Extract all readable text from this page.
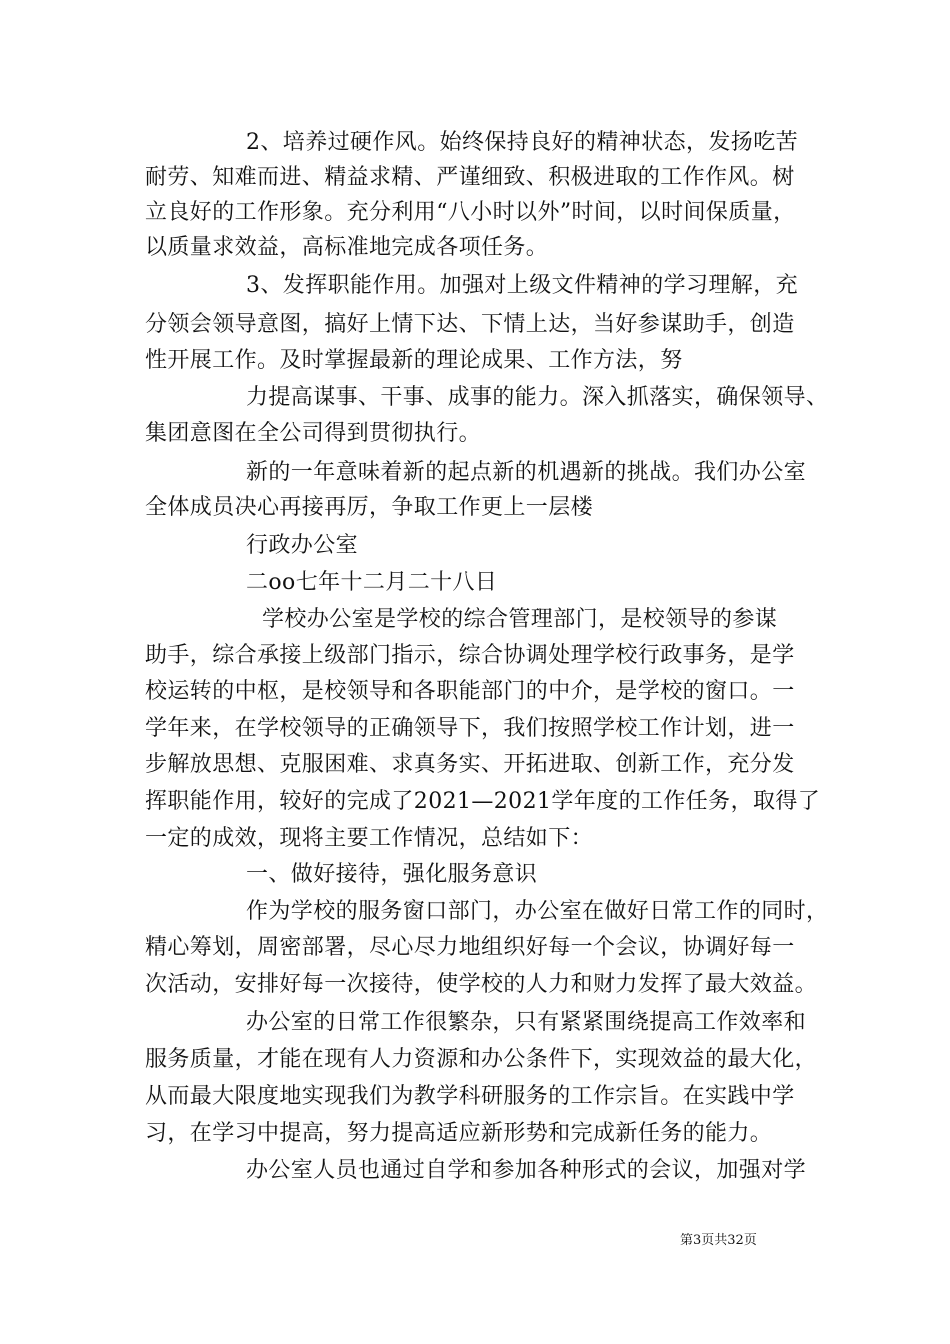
2、培养过硬作风。始终保持良好的精神状态，发扬吃苦
耐劳、知难而进、精益求精、严谨细致、积极进取的工作作风。树
立良好的工作形象。充分利用“八小时以外”时间，以时间保质量，
以质量求效益，高标准地完成各项任务。
3、发挥职能作用。加强对上级文件精神的学习理解，充
分领会领导意图，搞好上情下达、下情上达，当好参谋助手，创造
性开展工作。及时掌握最新的理论成果、工作方法，努
力提高谋事、干事、成事的能力。深入抓落实，确保领导、
集团意图在全公司得到贯彻执行。
新的一年意味着新的起点新的机遇新的挑战。我们办公室
全体成员决心再接再厉，争取工作更上一层楼
行政办公室
二oo七年十二月二十八日
学校办公室是学校的综合管理部门，是校领导的参谋
助手，综合承接上级部门指示，综合协调处理学校行政事务，是学
校运转的中枢，是校领导和各职能部门的中介，是学校的窗口。一
学年来，在学校领导的正确领导下，我们按照学校工作计划，进一
步解放思想、克服困难、求真务实、开拓进取、创新工作，充分发
挥职能作用，较好的完成了2021—2021学年度的工作任务，取得了
一定的成效，现将主要工作情况，总结如下：
一、做好接待，强化服务意识
作为学校的服务窗口部门，办公室在做好日常工作的同时，
精心筹划，周密部署，尽心尽力地组织好每一个会议，协调好每一
次活动，安排好每一次接待，使学校的人力和财力发挥了最大效益。
办公室的日常工作很繁杂，只有紧紧围绕提高工作效率和
服务质量，才能在现有人力资源和办公条件下，实现效益的最大化，
从而最大限度地实现我们为教学科研服务的工作宗旨。在实践中学
习，在学习中提高，努力提高适应新形势和完成新任务的能力。
办公室人员也通过自学和参加各种形式的会议，加强对学
第3页共32页
